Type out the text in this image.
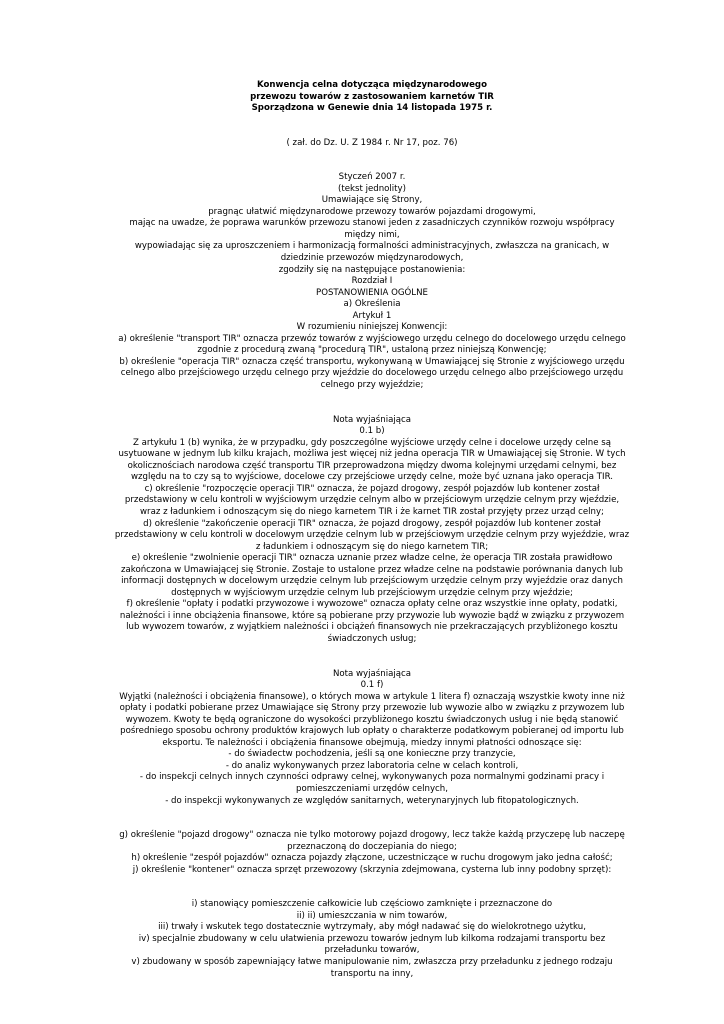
Konwencja celna dotycząca międzynarodowego

przewozu towarów z zastosowaniem karnetów TIR

Sporządzona w Genewie dnia 14 listopada 1975 r.

( zał. do Dz. U. Z 1984 r. Nr 17, poz. 76)

Styczeń 2007 r.

(tekst jednolity)

Umawiające się Strony,

pragnąc ułatwić międzynarodowe przewozy towarów pojazdami drogowymi,

mając na uwadze, że poprawa warunków przewozu stanowi jeden z zasadniczych czynników rozwoju współpracy

między nimi,

wypowiadając się za uproszczeniem i harmonizacją formalności administracyjnych, zwłaszcza na granicach, w

dziedzinie przewozów międzynarodowych,

zgodziły się na następujące postanowienia:

Rozdział I

POSTANOWIENIA OGÓLNE

a) Określenia

Artykuł 1

W rozumieniu niniejszej Konwencji:

a) określenie "transport TIR" oznacza przewóz towarów z wyjściowego urzędu celnego do docelowego urzędu celnego

zgodnie z procedurą zwaną "procedurą TIR", ustaloną przez niniejszą Konwencję;

b) określenie "operacja TIR" oznacza część transportu, wykonywaną w Umawiającej się Stronie z wyjściowego urzędu

celnego albo przejściowego urzędu celnego przy wjeździe do docelowego urzędu celnego albo przejściowego urzędu

celnego przy wyjeździe;

Nota wyjaśniająca

0.1 b)

Z artykułu 1 (b) wynika, że w przypadku, gdy poszczególne wyjściowe urzędy celne i docelowe urzędy celne są

usytuowane w jednym lub kilku krajach, możliwa jest więcej niż jedna operacja TIR w Umawiającej się Stronie. W tych

okolicznościach narodowa część transportu TIR przeprowadzona między dwoma kolejnymi urzędami celnymi, bez

względu na to czy są to wyjściowe, docelowe czy przejściowe urzędy celne, może być uznana jako operacja TIR.

c) określenie "rozpoczęcie operacji TIR" oznacza, że pojazd drogowy, zespół pojazdów lub kontener został

przedstawiony w celu kontroli w wyjściowym urzędzie celnym albo w przejściowym urzędzie celnym przy wjeździe,

wraz z ładunkiem i odnoszącym się do niego karnetem TIR i że karnet TIR został przyjęty przez urząd celny;

d) określenie "zakończenie operacji TIR" oznacza, że pojazd drogowy, zespół pojazdów lub kontener został

przedstawiony w celu kontroli w docelowym urzędzie celnym lub w przejściowym urzędzie celnym przy wyjeździe, wraz

z ładunkiem i odnoszącym się do niego karnetem TIR;

e) określenie "zwolnienie operacji TIR" oznacza uznanie przez władze celne, że operacja TIR została prawidłowo

zakończona w Umawiającej się Stronie. Zostaje to ustalone przez władze celne na podstawie porównania danych lub

informacji dostępnych w docelowym urzędzie celnym lub przejściowym urzędzie celnym przy wyjeździe oraz danych

dostępnych w wyjściowym urzędzie celnym lub przejściowym urzędzie celnym przy wjeździe;

f) określenie "opłaty i podatki przywozowe i wywozowe" oznacza opłaty celne oraz wszystkie inne opłaty, podatki,

należności i inne obciążenia finansowe, które są pobierane przy przywozie lub wywozie bądź w związku z przywozem

lub wywozem towarów, z wyjątkiem należności i obciążeń finansowych nie przekraczających przybliżonego kosztu

świadczonych usług;

Nota wyjaśniająca

0.1 f)

Wyjątki (należności i obciążenia finansowe), o których mowa w artykule 1 litera f) oznaczają wszystkie kwoty inne niż

opłaty i podatki pobierane przez Umawiające się Strony przy przewozie lub wywozie albo w związku z przywozem lub

wywozem. Kwoty te będą ograniczone do wysokości przybliżonego kosztu świadczonych usług i nie będą stanowić

pośredniego sposobu ochrony produktów krajowych lub opłaty o charakterze podatkowym pobieranej od importu lub

eksportu. Te należności i obciążenia finansowe obejmują, miedzy innymi płatności odnoszące się:

- do świadectw pochodzenia, jeśli są one konieczne przy tranzycie,

- do analiz wykonywanych przez laboratoria celne w celach kontroli,

- do inspekcji celnych innych czynności odprawy celnej, wykonywanych poza normalnymi godzinami pracy i

pomieszczeniami urzędów celnych,

- do inspekcji wykonywanych ze względów sanitarnych, weterynaryjnych lub fitopatologicznych.

g) określenie "pojazd drogowy" oznacza nie tylko motorowy pojazd drogowy, lecz także każdą przyczepę lub naczepę

przeznaczoną do doczepiania do niego;

h) określenie "zespół pojazdów" oznacza pojazdy złączone, uczestniczące w ruchu drogowym jako jedna całość;

j) określenie "kontener" oznacza sprzęt przewozowy (skrzynia zdejmowana, cysterna lub inny podobny sprzęt):

i) stanowiący pomieszczenie całkowicie lub częściowo zamknięte i przeznaczone do

ii) ii) umieszczania w nim towarów,

iii) trwały i wskutek tego dostatecznie wytrzymały, aby mógł nadawać się do wielokrotnego użytku,

iv) specjalnie zbudowany w celu ułatwienia przewozu towarów jednym lub kilkoma rodzajami transportu bez

przeładunku towarów,

v) zbudowany w sposób zapewniający łatwe manipulowanie nim, zwłaszcza przy przeładunku z jednego rodzaju

transportu na inny,
